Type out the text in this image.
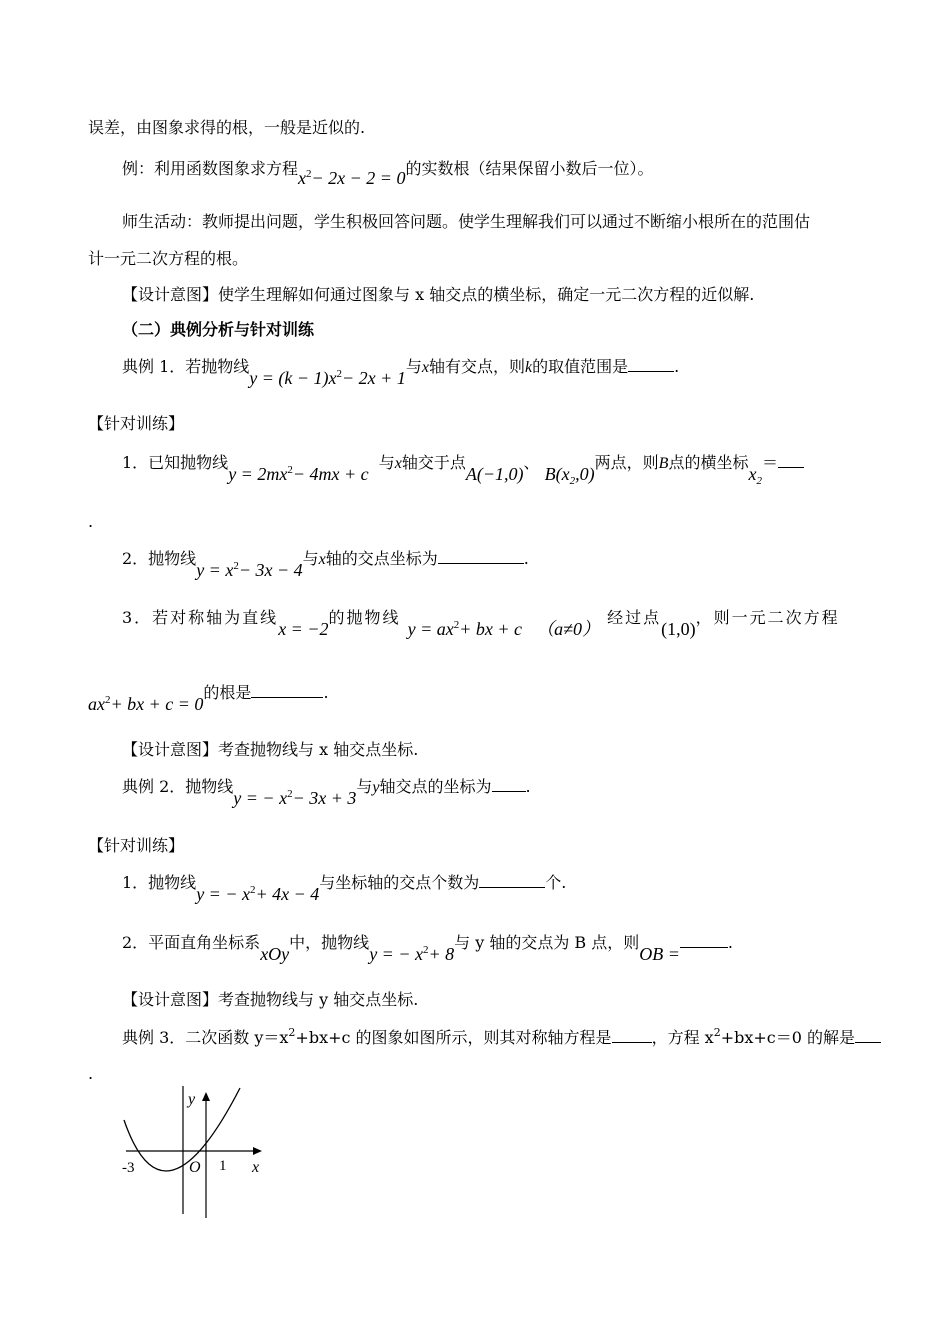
误差，由图象求得的根，一般是近似的.
例：利用函数图象求方程$x^2- 2x - 2 = 0$的实数根（结果保留小数后一位）。
师生活动：教师提出问题，学生积极回答问题。使学生理解我们可以通过不断缩小根所在的范围估
计一元二次方程的根。
【设计意图】使学生理解如何通过图象与 x 轴交点的横坐标，确定一元二次方程的近似解.
（二）典例分析与针对训练
典例 1．若抛物线$y = (k - 1)x^2- 2x + 1$与x轴有交点，则k的取值范围是	.
【针对训练】
1．已知抛物线$y = 2mx^2- 4mx + c$  与x轴交于点A(−1,0)、 $B(x_2,0)$两点，则B点的横坐标$x_2=$
.
2．抛物线$y = x^2- 3x - 4$与x轴的交点坐标为	.
3．若对称轴为直线x = −2的抛物线 $y = ax^2+$ bx + c （a≠0） 经过点(1,0)，则一元二次方程
$ax^2+$ bx + c = 0的根是	.
【设计意图】考查抛物线与 x 轴交点坐标.
典例 2．抛物线y = − $x^2- 3x + 3$与y轴交点的坐标为 .
【针对训练】
1．抛物线y = − $x^2+ 4x - 4$与坐标轴的交点个数为	个.
2．平面直角坐标系xOy中，抛物线y = − $x^2+ 8$与 y 轴的交点为 B 点，则OB =.
【设计意图】考查抛物线与 y 轴交点坐标.
典例 3．二次函数 $y=x^2+bx+c$ 的图象如图所示，则其对称轴方程是	，方程 $x^2+bx+c=0$ 的解是
.
y
x
O
-3	1
